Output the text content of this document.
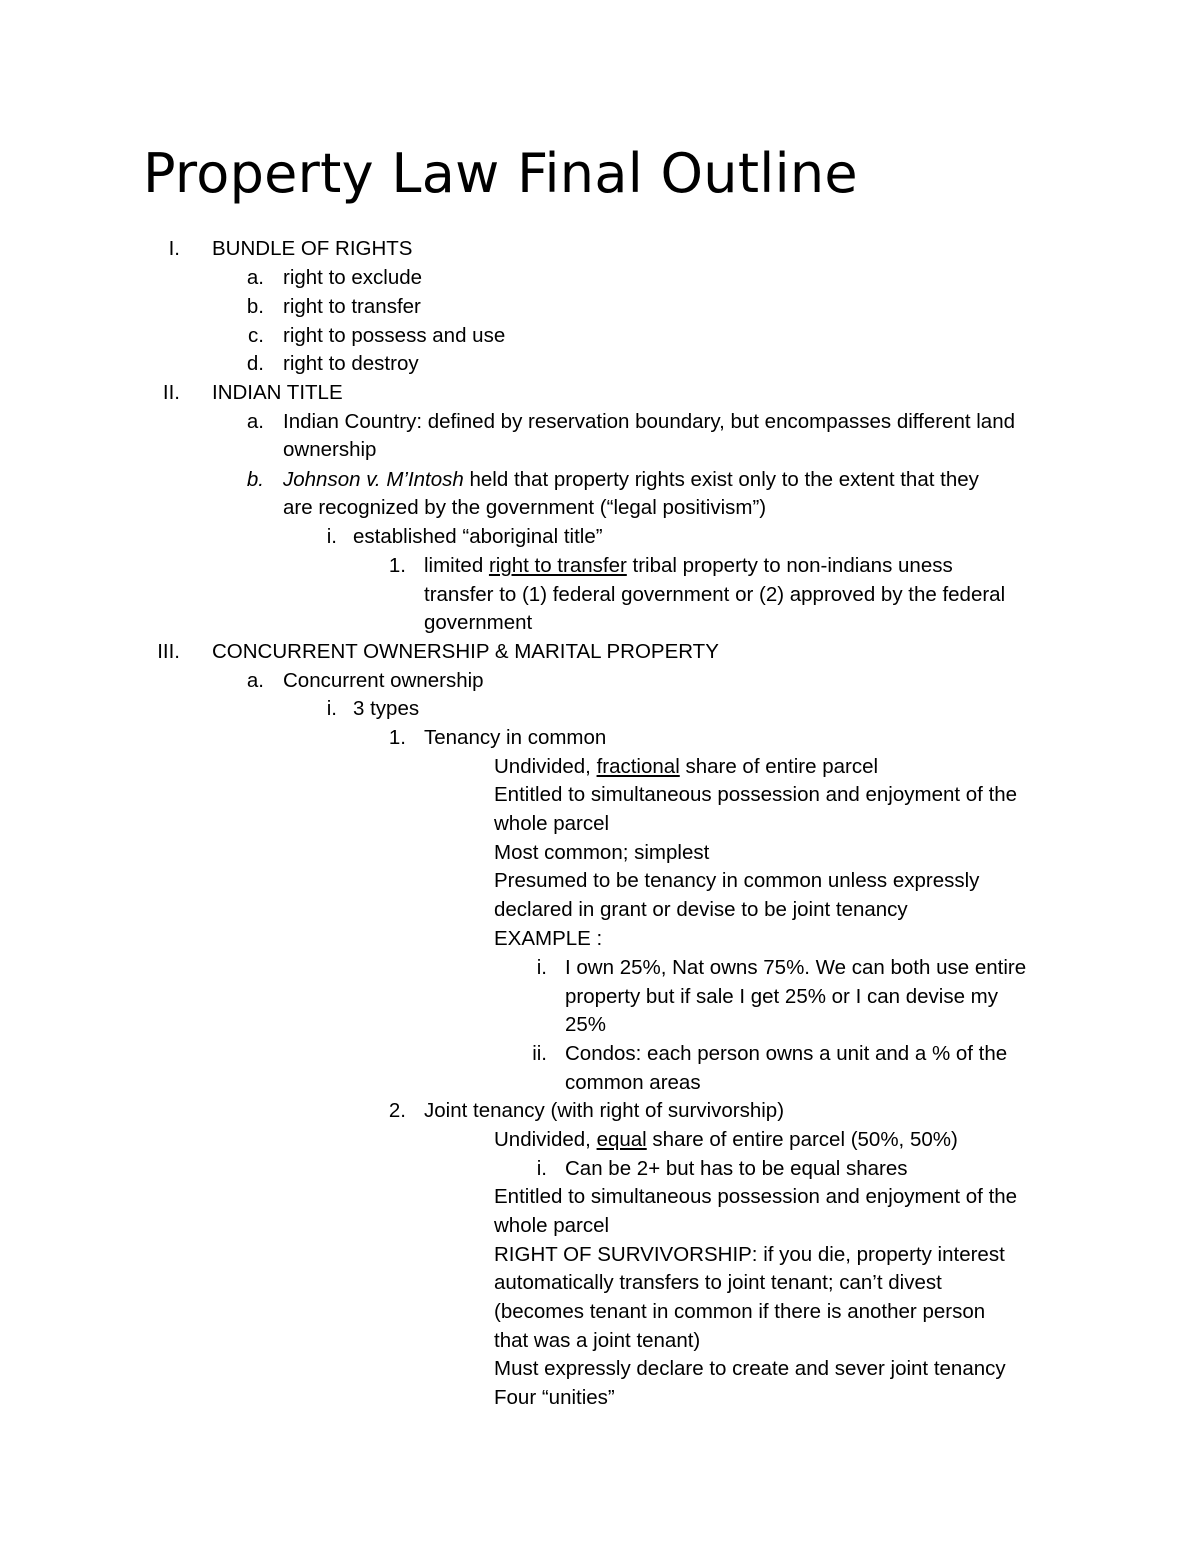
Property Law Final Outline
I. BUNDLE OF RIGHTS
a. right to exclude
b. right to transfer
c. right to possess and use
d. right to destroy
II. INDIAN TITLE
a. Indian Country: defined by reservation boundary, but encompasses different land
ownership
b. Johnson v. M’Intosh held that property rights exist only to the extent that they
are recognized by the government (“legal positivism”)
i. established “aboriginal title”
1. limited right to transfer tribal property to non-indians uness
transfer to (1) federal government or (2) approved by the federal
government
III. CONCURRENT OWNERSHIP & MARITAL PROPERTY
a. Concurrent ownership
i. 3 types
1. Tenancy in common
Undivided, fractional share of entire parcel
Entitled to simultaneous possession and enjoyment of the
whole parcel
Most common; simplest
Presumed to be tenancy in common unless expressly
declared in grant or devise to be joint tenancy
EXAMPLE :
i. I own 25%, Nat owns 75%. We can both use entire
property but if sale I get 25% or I can devise my
25%
ii. Condos: each person owns a unit and a % of the
common areas
2. Joint tenancy (with right of survivorship)
Undivided, equal share of entire parcel (50%, 50%)
i. Can be 2+ but has to be equal shares
Entitled to simultaneous possession and enjoyment of the
whole parcel
RIGHT OF SURVIVORSHIP: if you die, property interest
automatically transfers to joint tenant; can’t divest
(becomes tenant in common if there is another person
that was a joint tenant)
Must expressly declare to create and sever joint tenancy
Four “unities”
